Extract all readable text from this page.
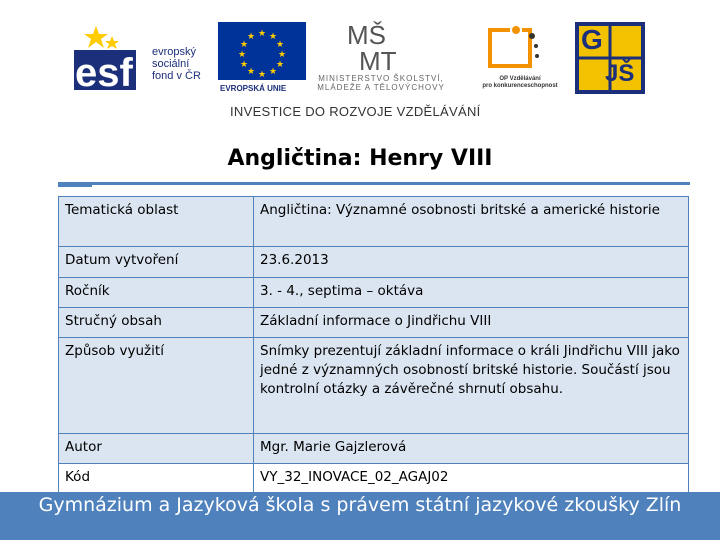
esf evropský
sociální
fond v ČR
★ ★
★
★
★
★
★
★
★
★
★
★
EVROPSKÁ UNIE
MŠ
MT
MINISTERSTVO ŠKOLSTVÍ,
MLÁDEŽE A TĚLOVÝCHOVY
OP Vzdělávání
pro konkurenceschopnost
G
JŠ
INVESTICE DO ROZVOJE VZDĚLÁVÁNÍ
Angličtina: Henry VIII
Tematická oblast	Angličtina: Významné osobnosti britské a americké historie
Datum vytvoření	23.6.2013
Ročník	3. - 4., septima – oktáva
Stručný obsah	Základní informace o Jindřichu VIII
Způsob využití	Snímky prezentují základní informace o králi Jindřichu VIII jako jedné z významných osobností britské historie. Součástí jsou kontrolní otázky a závěrečné shrnutí obsahu.
Autor	Mgr. Marie Gajzlerová
Kód	VY_32_INOVACE_02_AGAJ02
Gymnázium a Jazyková škola s právem státní jazykové zkoušky Zlín
